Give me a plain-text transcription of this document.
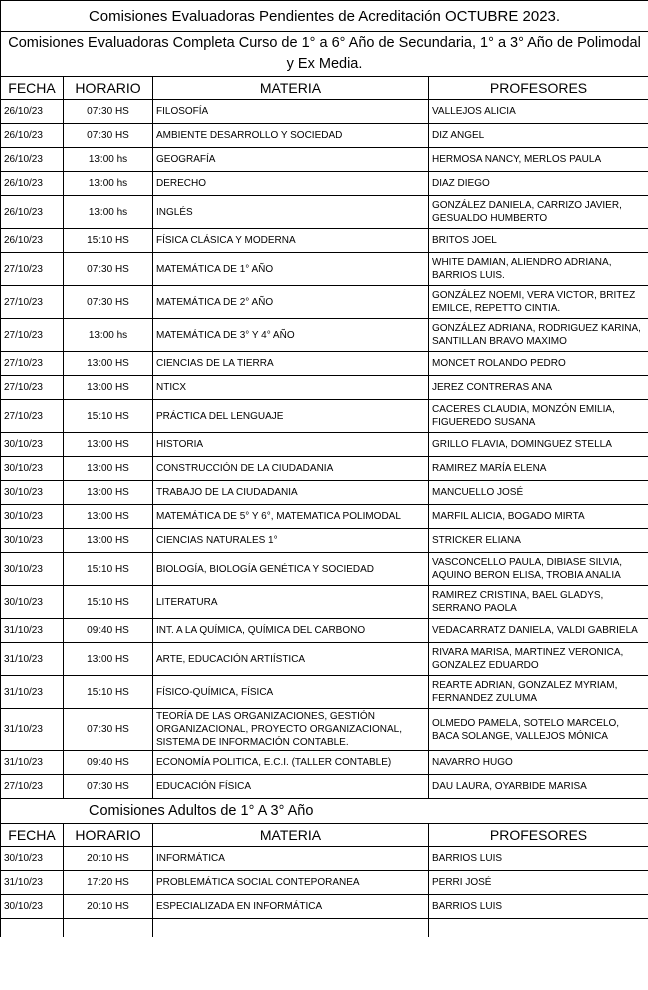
Comisiones Evaluadoras Pendientes de Acreditación OCTUBRE 2023.			
Comisiones Evaluadoras Completa Curso de 1° a 6° Año de Secundaria, 1° a 3° Año de Polimodal y Ex Media.			
FECHA	HORARIO	MATERIA	PROFESORES
26/10/23	07:30 HS	FILOSOFÍA	VALLEJOS ALICIA
26/10/23	07:30 HS	AMBIENTE DESARROLLO Y SOCIEDAD	DIZ ANGEL
26/10/23	13:00 hs	GEOGRAFÍA	HERMOSA NANCY, MERLOS PAULA
26/10/23	13:00 hs	DERECHO	DIAZ DIEGO
26/10/23	13:00 hs	INGLÉS	GONZÁLEZ DANIELA, CARRIZO JAVIER, GESUALDO HUMBERTO
26/10/23	15:10 HS	FÍSICA CLÁSICA Y MODERNA	BRITOS JOEL
27/10/23	07:30 HS	MATEMÁTICA DE 1° AÑO	WHITE DAMIAN, ALIENDRO ADRIANA, BARRIOS LUIS.
27/10/23	07:30 HS	MATEMÁTICA DE 2° AÑO	GONZÁLEZ NOEMI, VERA VICTOR, BRITEZ EMILCE, REPETTO CINTIA.
27/10/23	13:00 hs	MATEMÁTICA DE 3° Y 4° AÑO	GONZÁLEZ ADRIANA, RODRIGUEZ KARINA, SANTILLAN BRAVO MAXIMO
27/10/23	13:00 HS	CIENCIAS DE LA TIERRA	MONCET ROLANDO PEDRO
27/10/23	13:00 HS	NTICX	JEREZ CONTRERAS ANA
27/10/23	15:10 HS	PRÁCTICA DEL LENGUAJE	CACERES CLAUDIA, MONZÓN EMILIA, FIGUEREDO SUSANA
30/10/23	13:00 HS	HISTORIA	GRILLO FLAVIA, DOMINGUEZ STELLA
30/10/23	13:00 HS	CONSTRUCCIÓN DE LA CIUDADANIA	RAMIREZ MARÍA ELENA
30/10/23	13:00 HS	TRABAJO DE LA CIUDADANIA	MANCUELLO JOSÉ
30/10/23	13:00 HS	MATEMÁTICA DE 5° Y 6°, MATEMATICA POLIMODAL	MARFIL ALICIA, BOGADO MIRTA
30/10/23	13:00 HS	CIENCIAS NATURALES 1°	STRICKER ELIANA
30/10/23	15:10 HS	BIOLOGÍA, BIOLOGÍA GENÉTICA Y SOCIEDAD	VASCONCELLO PAULA, DIBIASE SILVIA, AQUINO BERON ELISA, TROBIA ANALIA
30/10/23	15:10 HS	LITERATURA	RAMIREZ CRISTINA, BAEL GLADYS, SERRANO PAOLA
31/10/23	09:40 HS	INT. A LA QUÍMICA, QUÍMICA DEL CARBONO	VEDACARRATZ DANIELA, VALDI GABRIELA
31/10/23	13:00 HS	ARTE, EDUCACIÓN ARTIÍSTICA	RIVARA MARISA, MARTINEZ VERONICA, GONZALEZ EDUARDO
31/10/23	15:10 HS	FÍSICO-QUÍMICA, FÍSICA	REARTE ADRIAN, GONZALEZ MYRIAM, FERNANDEZ ZULUMA
31/10/23	07:30 HS	TEORÍA DE LAS ORGANIZACIONES, GESTIÓN ORGANIZACIONAL, PROYECTO ORGANIZACIONAL, SISTEMA DE INFORMACIÓN CONTABLE.	OLMEDO PAMELA, SOTELO MARCELO, BACA SOLANGE, VALLEJOS MÓNICA
31/10/23	09:40 HS	ECONOMÍA POLITICA, E.C.I. (TALLER CONTABLE)	NAVARRO HUGO
27/10/23	07:30 HS	EDUCACIÓN FÍSICA	DAU LAURA, OYARBIDE MARISA
Comisiones Adultos de 1° A 3° Año			
FECHA	HORARIO	MATERIA	PROFESORES
30/10/23	20:10 HS	INFORMÁTICA	BARRIOS LUIS
31/10/23	17:20 HS	PROBLEMÁTICA SOCIAL CONTEPORANEA	PERRI JOSÉ
30/10/23	20:10 HS	ESPECIALIZADA EN INFORMÁTICA	BARRIOS LUIS
